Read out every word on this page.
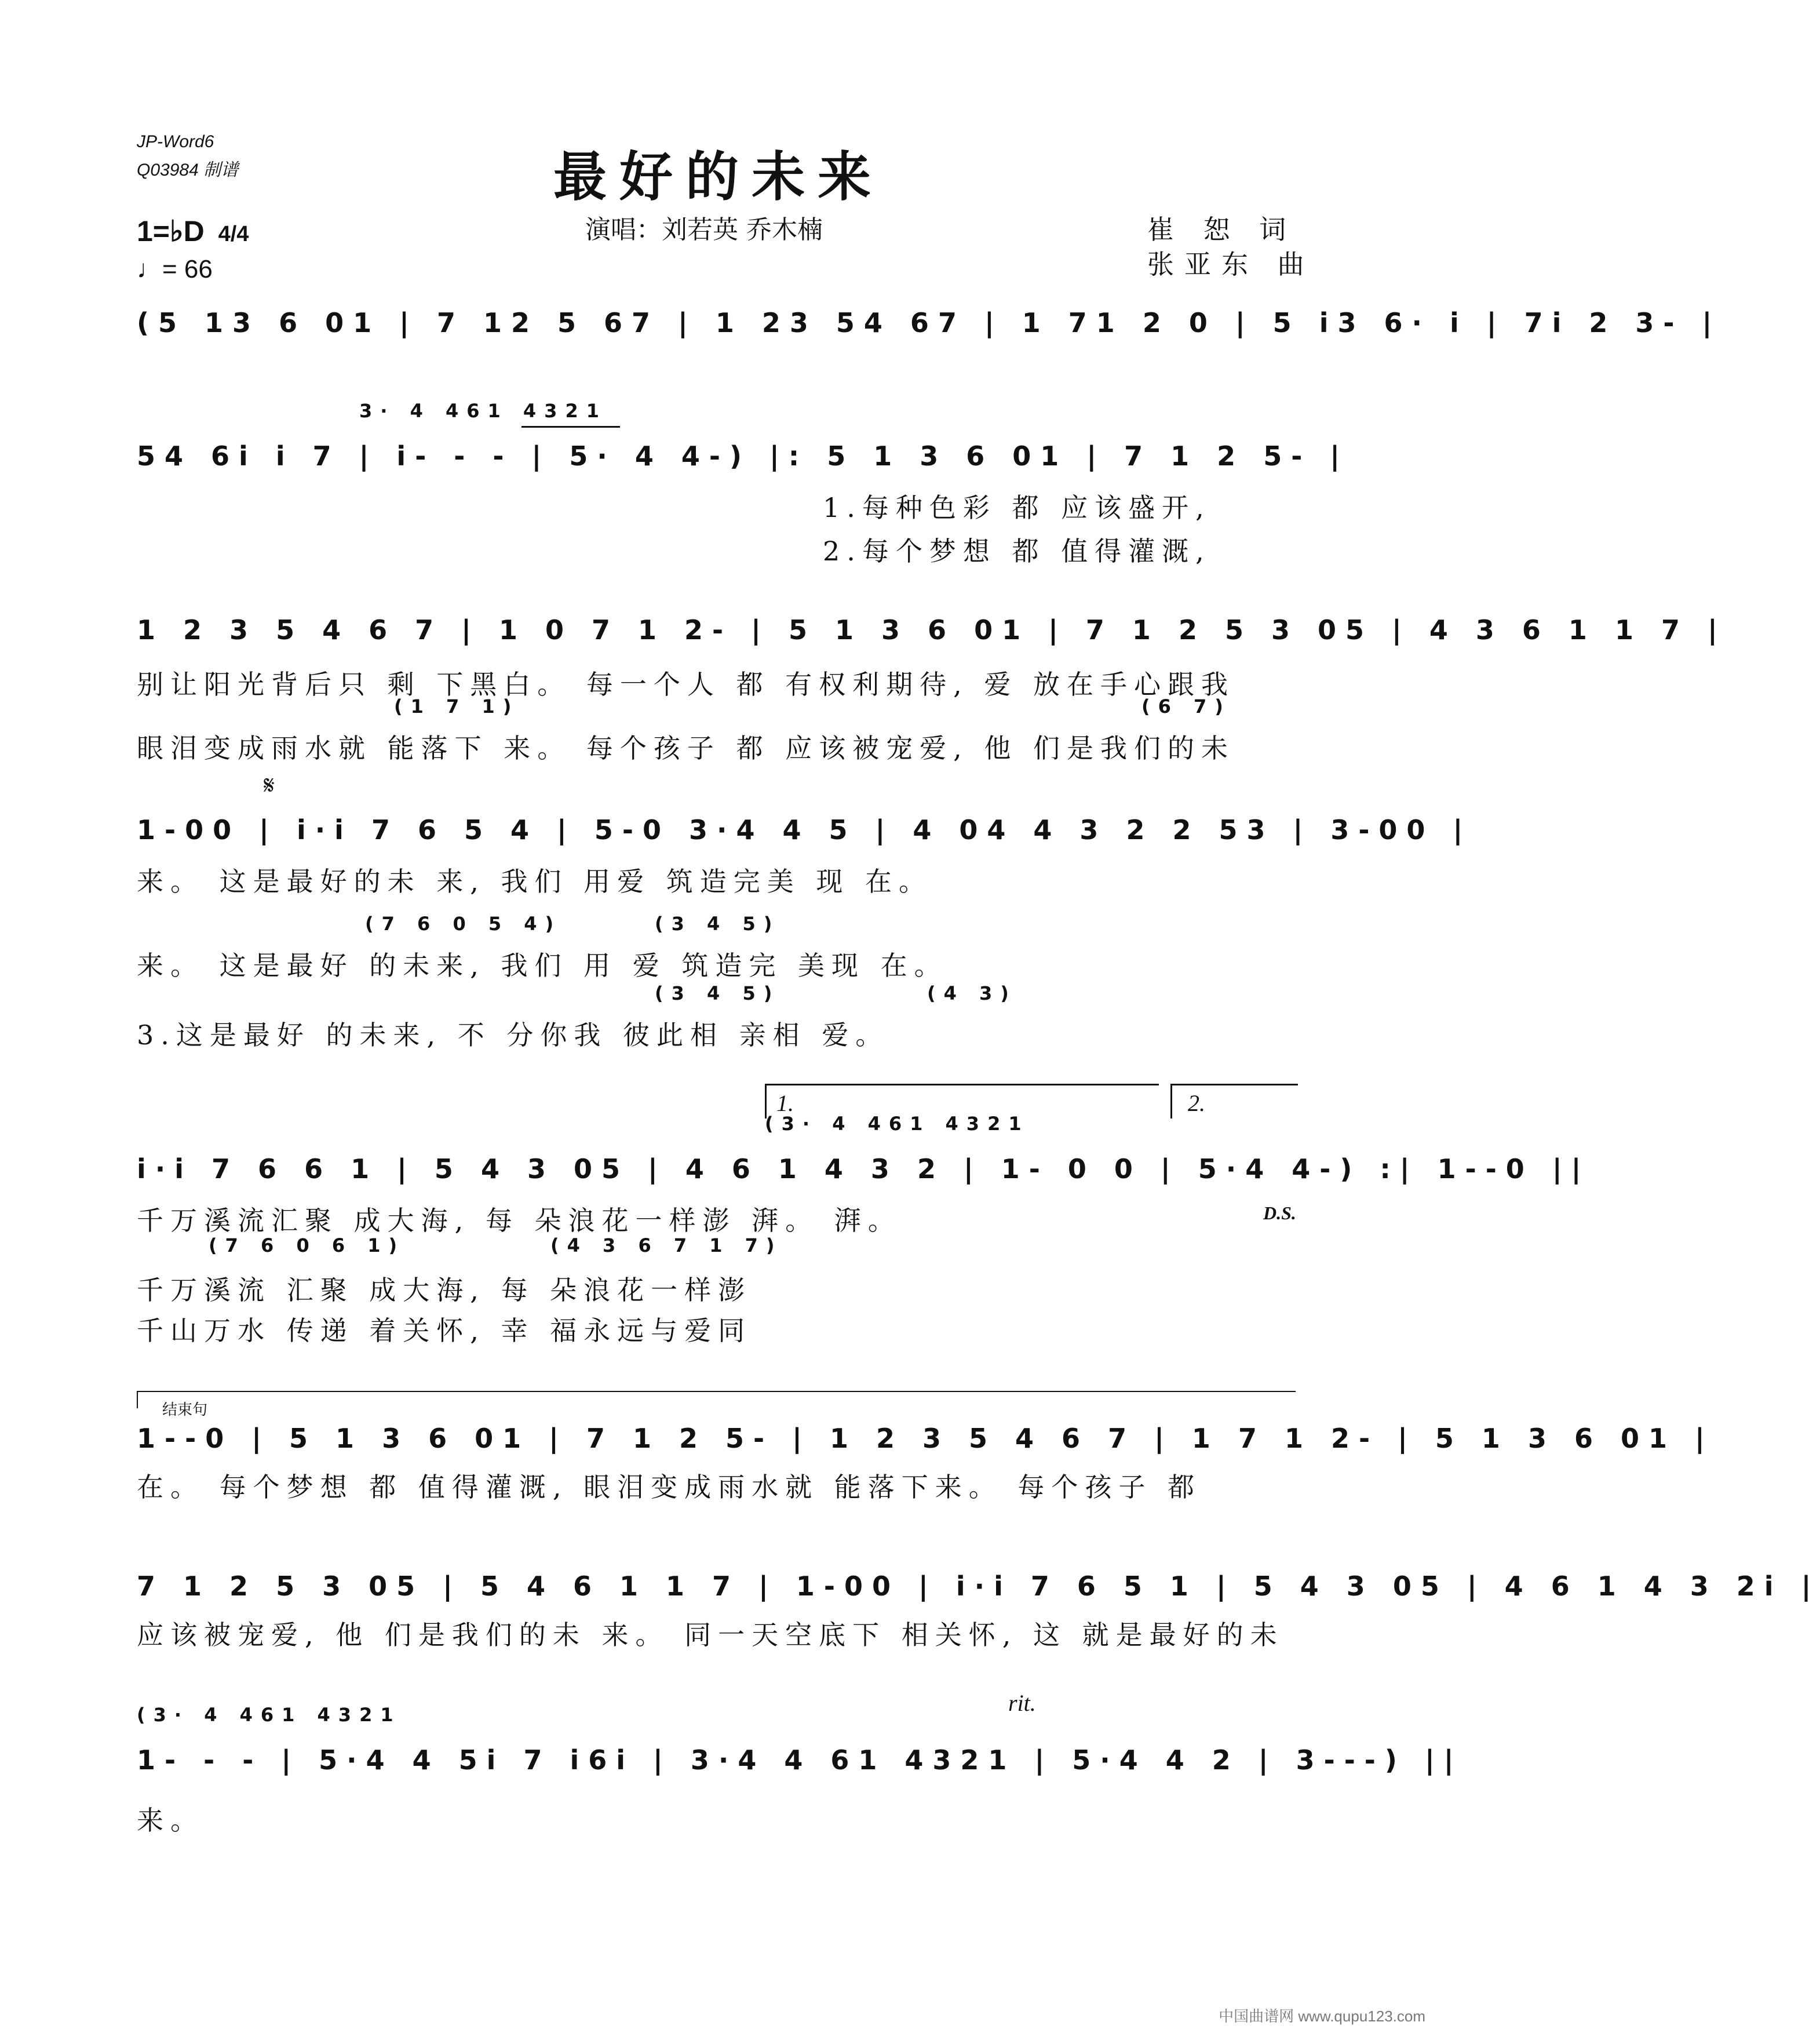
JP-Word6
Q03984 制谱	最好的未来
演唱：刘若英 乔木楠	崔 恕 词
张亚东 曲
1=♭D 4/4
♩= 66
(5 13 6 01 | 7 12 5 67 | 1 23 54 67 | 1 71 2 0 | 5 i3 6· i | 7i 2 3- |
3· 4 461 4321
54 6i i 7 | i- - - | 5· 4 4-) |: 5 1 3 6 01 | 7 1 2 5- |
1.每种色彩 都 应该盛开,
2.每个梦想 都 值得灌溉,
1 2 3 5 4 6 7 | 1 0 7 1 2- | 5 1 3 6 01 | 7 1 2 5 3 05 | 4 3 6 1 1 7 |
别让阳光背后只 剩 下黑白。 每一个人 都 有权利期待, 爱 放在手心跟我
(1 7 1)	(6 7)
眼泪变成雨水就 能落下 来。 每个孩子 都 应该被宠爱, 他 们是我们的未
𝄋
1-00 | i·i 7 6 5 4 | 5-0 3·4 4 5 | 4 04 4 3 2 2 53 | 3-00 |
来。 这是最好的未 来, 我们 用爱 筑造完美 现 在。
(7 6 0 5 4)	(3 4 5)
来。 这是最好 的未来, 我们 用 爱 筑造完 美现 在。
(3 4 5)	(4 3)
3.这是最好 的未来, 不 分你我 彼此相 亲相 爱。
1.	2.
(3· 4 461 4321
i·i 7 6 6 1 | 5 4 3 05 | 4 6 1 4 3 2 | 1- 0 0 | 5·4 4-) :| 1--0 ||
D.S.
千万溪流汇聚 成大海, 每 朵浪花一样澎 湃。 湃。
(7 6 0 6 1)	(4 3 6 7 1 7)
千万溪流 汇聚 成大海, 每 朵浪花一样澎
千山万水 传递 着关怀, 幸 福永远与爱同
结束句
1--0 | 5 1 3 6 01 | 7 1 2 5- | 1 2 3 5 4 6 7 | 1 7 1 2- | 5 1 3 6 01 |
在。 每个梦想 都 值得灌溉, 眼泪变成雨水就 能落下来。 每个孩子 都
7 1 2 5 3 05 | 5 4 6 1 1 7 | 1-00 | i·i 7 6 5 1 | 5 4 3 05 | 4 6 1 4 3 2i |
应该被宠爱, 他 们是我们的未 来。 同一天空底下 相关怀, 这 就是最好的未
(3· 4 461 4321	rit.
1- - - | 5·4 4 5i 7 i6i | 3·4 4 61 4321 | 5·4 4 2 | 3---) ||
来。
中国曲谱网 www.qupu123.com
